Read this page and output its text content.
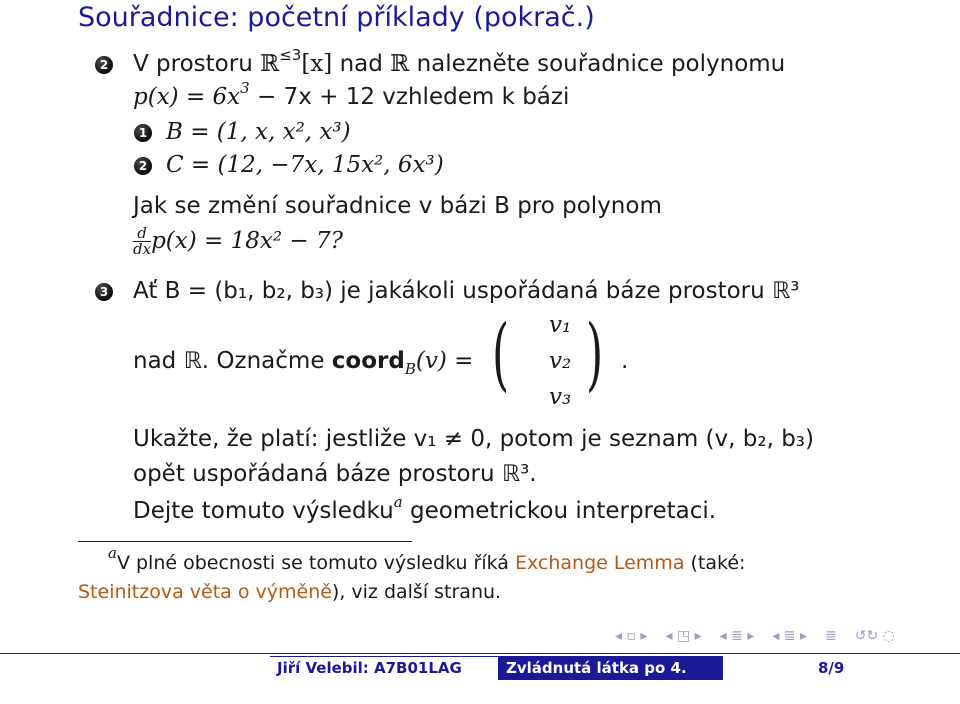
Souřadnice: početní příklady (pokrač.)
2 V prostoru ℝ$^{\le 3}$[x] nad ℝ nalezněte souřadnice polynomu
$p(x) = 6x^3 - 7x + 12$ vzhledem k bázi
1 B = (1, x, x², x³)
2 C = (12, −7x, 15x², 6x³)
Jak se změní souřadnice v bázi B pro polynom
$\frac{d}{dx} p(x) = 18x^2 - 7$?
3 Ať B = (b₁, b₂, b₃) je jakákoli uspořádaná báze prostoru ℝ³
nad ℝ. Označme coord$_B$(v) = ( v₁
v₂
v₃ ) .
Ukažte, že platí: jestliže v₁ ≠ 0, potom je seznam (v, b₂, b₃)
opět uspořádaná báze prostoru ℝ³.
Dejte tomuto výsledku$^a$ geometrickou interpretaci.
$^a$V plné obecnosti se tomuto výsledku říká Exchange Lemma (také:
Steinitzova věta o výměně), viz další stranu.
◂ ▫ ▸ ◂ ◳ ▸ ◂ ≣ ▸ ◂ ≣ ▸ ≣ ↺↻ ◌
Jiří Velebil: A7B01LAG	Zvládnutá látka po 4. týdnu
8/9
